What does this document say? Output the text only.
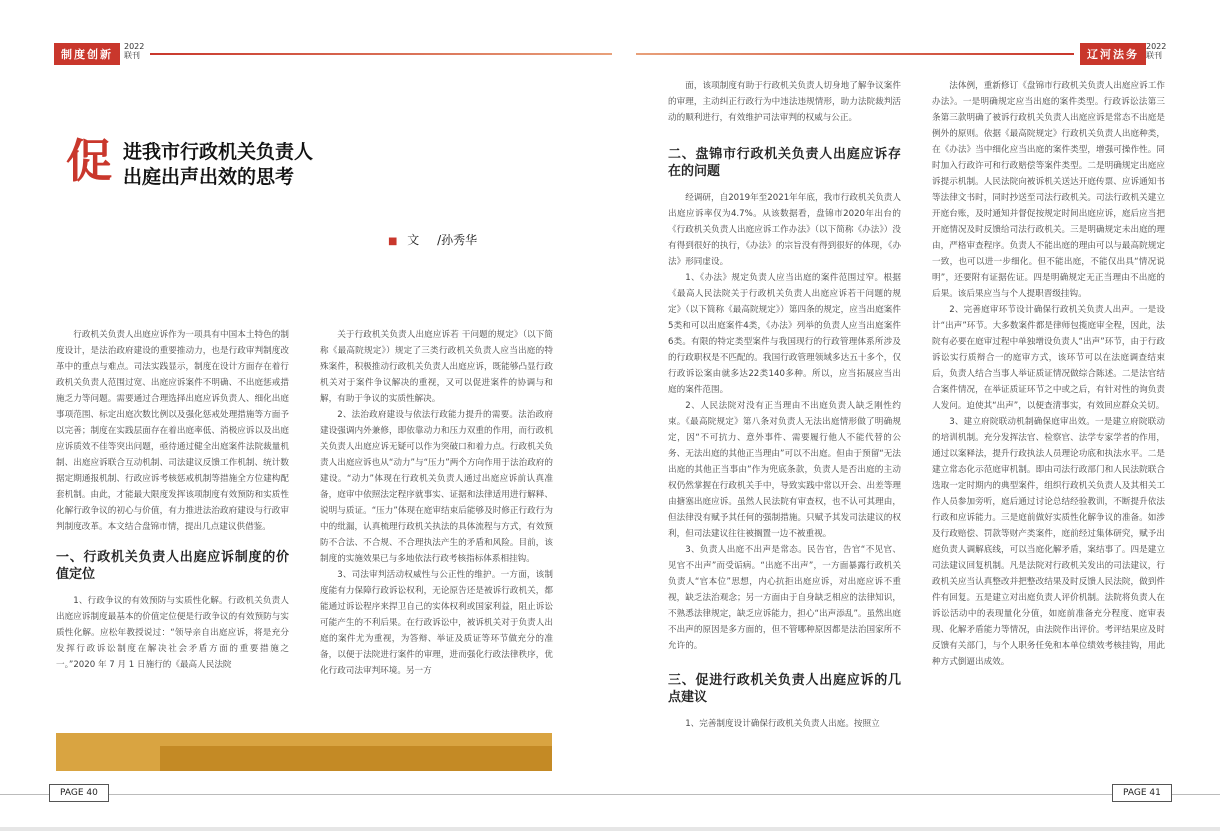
制度创新
2022
联刊	辽河法务
2022
联刊
促 进我市行政机关负责人
出庭出声出效的思考
■ 文 /孙秀华

行政机关负责人出庭应诉作为一项具有中国本土特色的制度设计，是法治政府建设的重要推动力，也是行政审判制度改革中的重点与难点。司法实践显示，制度在设计方面存在着行政机关负责人范围过宽、出庭应诉案件不明确、不出庭惩戒措施乏力等问题。需要通过合理选择出庭应诉负责人、细化出庭事项范围、标定出庭次数比例以及强化惩戒处理措施等方面予以完善；制度在实践层面存在着出庭率低、消极应诉以及出庭应诉质效不佳等突出问题，亟待通过健全出庭案件法院裁量机制、出庭应诉联合互动机制、司法建议反馈工作机制、统计数据定期通报机制、行政应诉考核惩戒机制等措施全方位建构配套机制。由此，才能最大限度发挥该项制度有效预防和实质性化解行政争议的初心与价值，有力推进法治政府建设与行政审判制度改革。本文结合盘锦市情，提出几点建议供借鉴。

一、行政机关负责人出庭应诉制度的价值定位

1、行政争议的有效预防与实质性化解。行政机关负责人出庭应诉制度最基本的价值定位便是行政争议的有效预防与实质性化解。应松年教授说过：“领导亲自出庭应诉，将是充分发挥行政诉讼制度在解决社会矛盾方面的重要措施之一。”2020 年 7 月 1 日施行的《最高人民法院

关于行政机关负责人出庭应诉若 干问题的规定》（以下简称《最高院规定》）规定了三类行政机关负责人应当出庭的特殊案件，积极推动行政机关负责人出庭应诉，既能够凸显行政机关对于案件争议解决的重视，又可以促进案件的协调与和解，有助于争议的实质性解决。

2、法治政府建设与依法行政能力提升的需要。法治政府建设强调内外兼修，即依靠动力和压力双重的作用，而行政机关负责人出庭应诉无疑可以作为突破口和着力点。行政机关负责人出庭应诉也从“动力”与“压力”两个方向作用于法治政府的建设。“动力”体现在行政机关负责人通过出庭应诉前认真准备，庭审中依照法定程序就事实、证据和法律适用进行解释、说明与质证。“压力”体现在庭审结束后能够及时修正行政行为中的纰漏，认真梳理行政机关执法的具体流程与方式，有效预防不合法、不合规、不合理执法产生的矛盾和风险。目前，该制度的实施效果已与多地依法行政考核指标体系相挂钩。

3、司法审判活动权威性与公正性的维护。一方面，该制度能有力保障行政诉讼权利，无论原告还是被诉行政机关，都能通过诉讼程序来捍卫自己的实体权利或国家利益，阻止诉讼可能产生的不利后果。在行政诉讼中，被诉机关对于负责人出庭的案件尤为重视，为答辩、举证及质证等环节做充分的准备，以便于法院进行案件的审理，进而强化行政法律秩序，优化行政司法审判环境。另一方

面，该项制度有助于行政机关负责人切身地了解争议案件的审理，主动纠正行政行为中违法违规情形，助力法院裁判活动的顺利进行，有效维护司法审判的权威与公正。

二、盘锦市行政机关负责人出庭应诉存在的问题

经调研，自2019年至2021年年底，我市行政机关负责人出庭应诉率仅为4.7%。从该数据看，盘锦市2020年出台的《行政机关负责人出庭应诉工作办法》（以下简称《办法》）没有得到很好的执行，《办法》的宗旨没有得到很好的体现，《办法》形同虚设。

1、《办法》规定负责人应当出庭的案件范围过窄。根据《最高人民法院关于行政机关负责人出庭应诉若干问题的规定》（以下简称《最高院规定》）第四条的规定，应当出庭案件5类和可以出庭案件4类，《办法》列举的负责人应当出庭案件6类。有限的特定类型案件与我国现行的行政管理体系所涉及的行政职权是不匹配的。我国行政管理领域多达五十多个，仅行政诉讼案由就多达22类140多种。所以，应当拓展应当出庭的案件范围。

2、人民法院对没有正当理由不出庭负责人缺乏刚性约束。《最高院规定》第八条对负责人无法出庭情形做了明确规定，因“不可抗力、意外事件、需要履行他人不能代替的公务、无法出庭的其他正当理由”可以不出庭。但由于预留“无法出庭的其他正当事由”作为兜底条款，负责人是否出庭的主动权仍然掌握在行政机关手中，导致实践中常以开会、出差等理由搪塞出庭应诉。虽然人民法院有审查权，也不认可其理由，但法律没有赋予其任何的强制措施。只赋予其发司法建议的权利，但司法建议往往被搁置一边不被重视。

3、负责人出庭不出声是常态。民告官，告官“不见官、见官不出声”而受诟病。“出庭不出声”，一方面暴露行政机关负责人“官本位”思想，内心抗拒出庭应诉，对出庭应诉不重视，缺乏法治观念；另一方面由于自身缺乏相应的法律知识，不熟悉法律规定，缺乏应诉能力，担心“出声添乱”。虽然出庭不出声的原因是多方面的，但不管哪种原因都是法治国家所不允许的。

三、促进行政机关负责人出庭应诉的几点建议

1、完善制度设计确保行政机关负责人出庭。按照立

法体例，重新修订《盘锦市行政机关负责人出庭应诉工作办法》。一是明确规定应当出庭的案件类型。行政诉讼法第三条第三款明确了被诉行政机关负责人出庭应诉是常态不出庭是例外的原则。依据《最高院规定》行政机关负责人出庭种类，在《办法》当中细化应当出庭的案件类型，增强可操作性。同时加入行政许可和行政赔偿等案件类型。二是明确规定出庭应诉提示机制。人民法院向被诉机关送达开庭传票、应诉通知书等法律文书时，同时抄送至司法行政机关。司法行政机关建立开庭台账，及时通知并督促按规定时间出庭应诉，庭后应当把开庭情况及时反馈给司法行政机关。三是明确规定未出庭的理由，严格审查程序。负责人不能出庭的理由可以与最高院规定一致，也可以进一步细化。但不能出庭，不能仅出具“情况说明”，还要附有证据佐证。四是明确规定无正当理由不出庭的后果。该后果应当与个人提职晋级挂钩。

2、完善庭审环节设计确保行政机关负责人出声。一是设计“出声”环节。大多数案件都是律师包揽庭审全程，因此，法院有必要在庭审过程中单独增设负责人“出声”环节，由于行政诉讼实行质辩合一的庭审方式，该环节可以在法庭调查结束后，负责人结合当事人举证质证情况做综合陈述。二是法官结合案件情况，在举证质证环节之中或之后，有针对性的询负责人发问。迫使其“出声”，以便查清事实，有效回应群众关切。

3、建立府院联动机制确保庭审出效。一是建立府院联动的培训机制。充分发挥法官、检察官、法学专家学者的作用，通过以案释法，提升行政执法人员理论功底和执法水平。二是建立常态化示范庭审机制。即由司法行政部门和人民法院联合选取一定时期内的典型案件，组织行政机关负责人及其相关工作人员参加旁听，庭后通过讨论总结经验教训，不断提升依法行政和应诉能力。三是庭前做好实质性化解争议的准备。如涉及行政赔偿、罚款等财产类案件，庭前经过集体研究，赋予出庭负责人调解底线，可以当庭化解矛盾，案结事了。四是建立司法建议回复机制。凡是法院对行政机关发出的司法建议，行政机关应当认真整改并把整改结果及时反馈人民法院，做到件件有回复。五是建立对出庭负责人评价机制。法院将负责人在诉讼活动中的表现量化分值，如庭前准备充分程度、庭审表现、化解矛盾能力等情况，由法院作出评价。考评结果应及时反馈有关部门，与个人职务任免和本单位绩效考核挂钩，用此种方式倒逼出成效。

PAGE 40	PAGE 41
